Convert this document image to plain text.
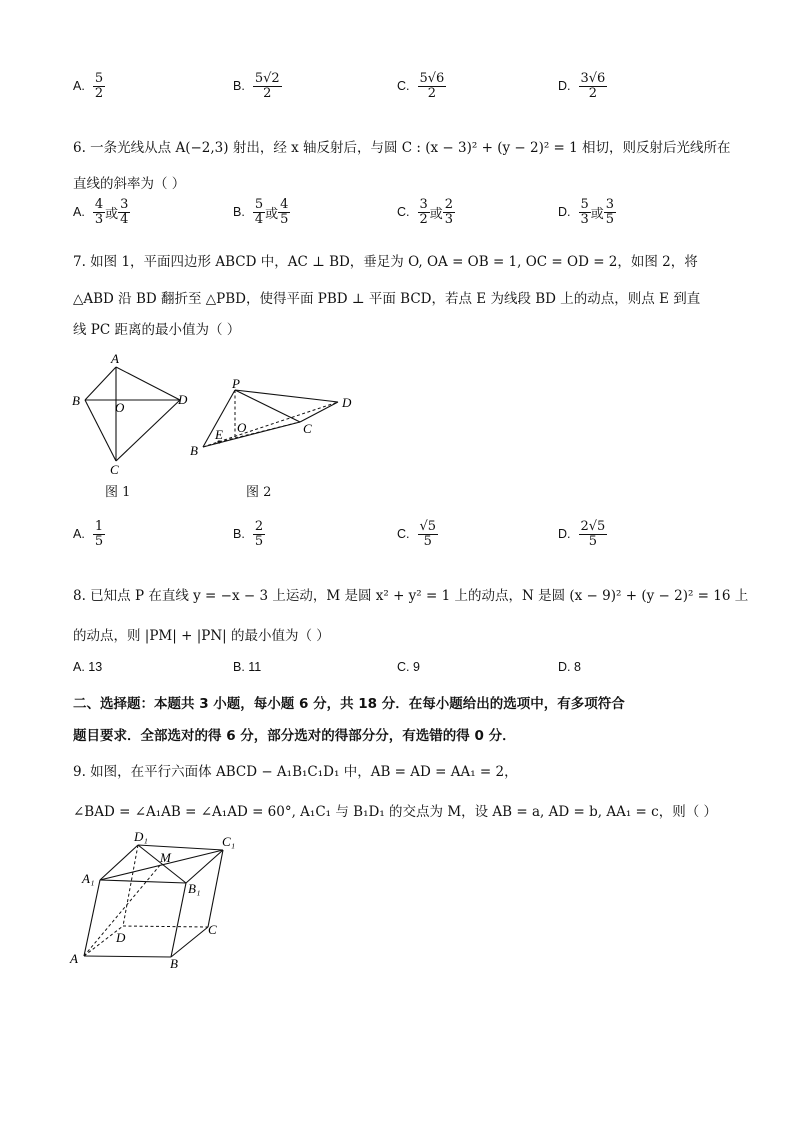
A. $\frac{5}{2}$	B. $\frac{5√2}{2}$	C. $\frac{5√6}{2}$	D. $\frac{3√6}{2}$
6. 一条光线从点 A(−2,3) 射出，经 x 轴反射后，与圆 C : (x − 3)² + (y − 2)² = 1 相切，则反射后光线所在
直线的斜率为（ ）
A. $\frac{4}{3}$ 或 $\frac{3}{4}$	B. $\frac{5}{4}$ 或 $\frac{4}{5}$	C. $\frac{3}{2}$ 或 $\frac{2}{3}$	D. $\frac{5}{3}$ 或 $\frac{3}{5}$
7. 如图 1，平面四边形 ABCD 中，AC ⊥ BD，垂足为 O, OA = OB = 1, OC = OD = 2，如图 2，将
△ABD 沿 BD 翻折至 △PBD，使得平面 PBD ⊥ 平面 BCD，若点 E 为线段 BD 上的动点，则点 E 到直
线 PC 距离的最小值为（ ）
A
B	O
D
C
图 1
P
D
O
E
B
C
图 2
A. $\frac{1}{5}$	B. $\frac{2}{5}$	C. $\frac{√5}{5}$	D. $\frac{2√5}{5}$
8. 已知点 P 在直线 y = −x − 3 上运动，M 是圆 x² + y² = 1 上的动点，N 是圆 (x − 9)² + (y − 2)² = 16 上
的动点，则 |PM| + |PN| 的最小值为（ ）
A. 13	B. 11	C. 9	D. 8
二、选择题：本题共 3 小题，每小题 6 分，共 18 分．在每小题给出的选项中，有多项符合
题目要求．全部选对的得 6 分，部分选对的得部分分，有选错的得 0 分．
9. 如图，在平行六面体 ABCD − A₁B₁C₁D₁ 中，AB = AD = AA₁ = 2，
∠BAD = ∠A₁AB = ∠A₁AD = 60°, A₁C₁ 与 B₁D₁ 的交点为 M，设 AB = a, AD = b, AA₁ = c，则（ ）
D₁
M
C₁
A₁
B₁
D
C
A	B
